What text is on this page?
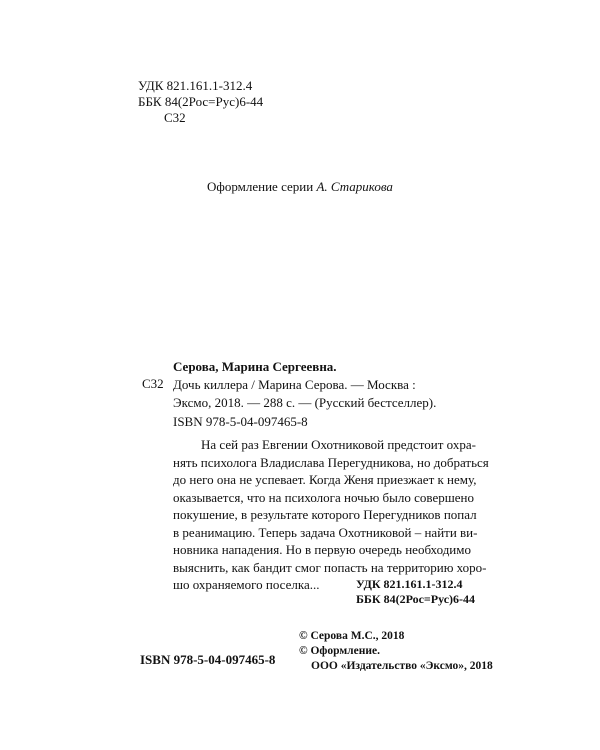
УДК 821.161.1-312.4
ББК 84(2Рос=Рус)6-44
С32
Оформление серии А. Старикова
Серова, Марина Сергеевна.
С32 Дочь киллера / Марина Серова. — Москва :
Эксмо, 2018. — 288 с. — (Русский бестселлер).
ISBN 978-5-04-097465-8
На сей раз Евгении Охотниковой предстоит охра-
нять психолога Владислава Перегудникова, но добраться
до него она не успевает. Когда Женя приезжает к нему,
оказывается, что на психолога ночью было совершено
покушение, в результате которого Перегудников попал
в реанимацию. Теперь задача Охотниковой – найти ви-
новника нападения. Но в первую очередь необходимо
выяснить, как бандит смог попасть на территорию хоро-
шо охраняемого поселка...	УДК 821.161.1-312.4
ББК 84(2Рос=Рус)6-44
© Серова М.С., 2018
© Оформление.
ООО «Издательство «Эксмо», 2018
ISBN 978-5-04-097465-8
